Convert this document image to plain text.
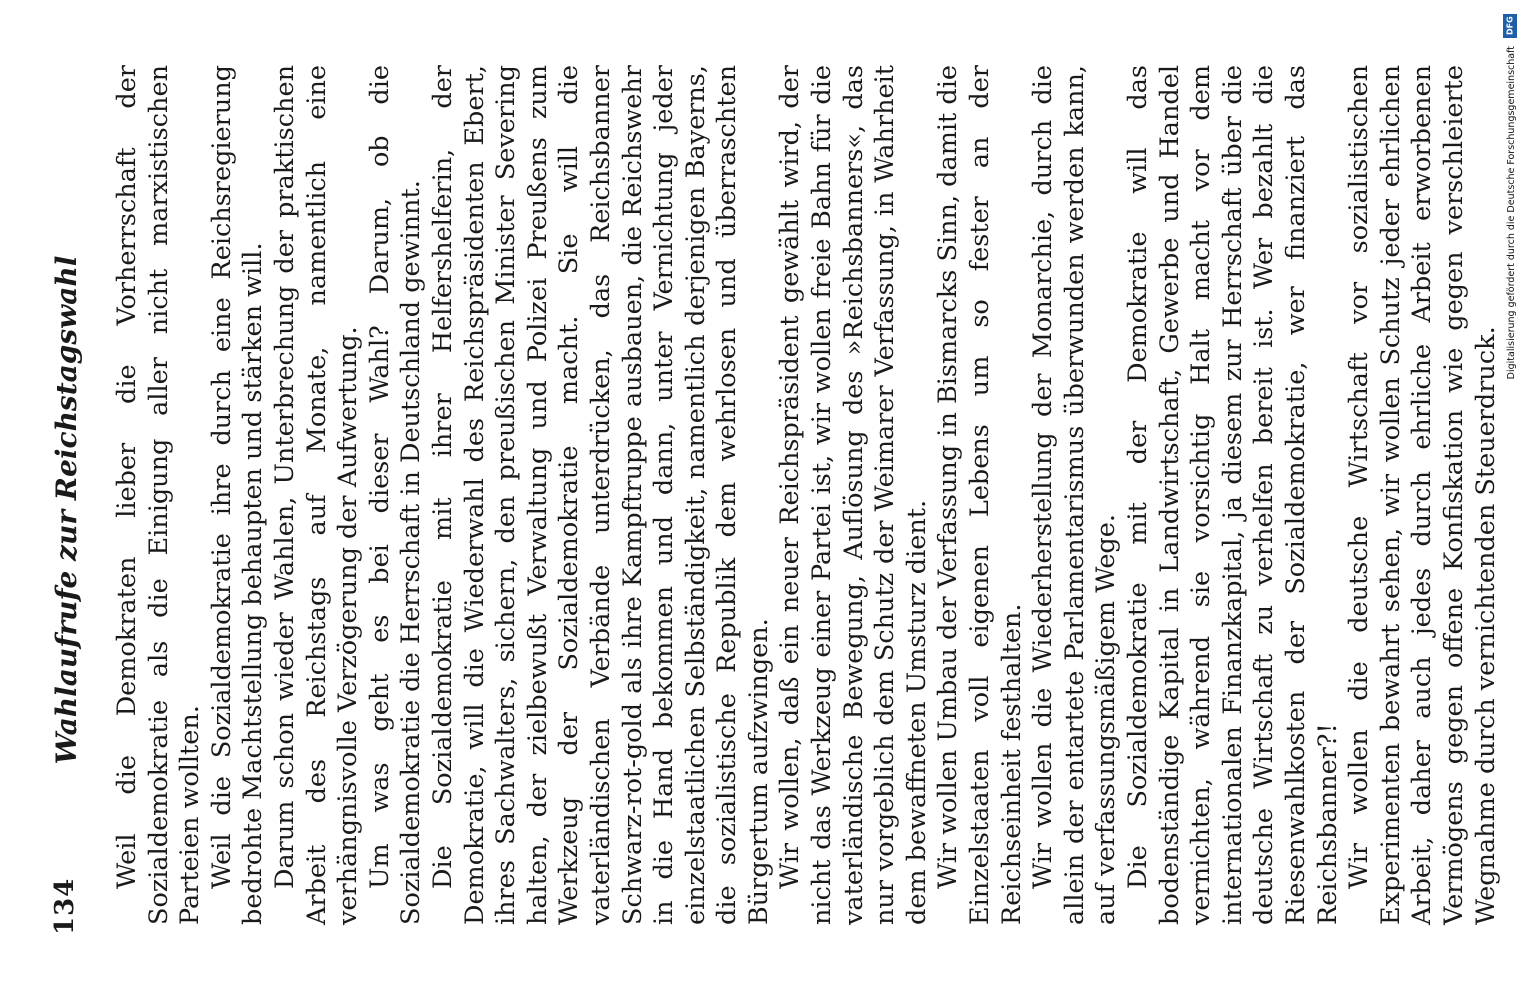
134
Wahlaufrufe zur Reichstagswahl Weil die Demokraten lieber die Vorherrschaft der Sozialdemokratie als die Einigung aller nicht marxistischen Parteien wollten. Weil die Sozialdemokratie ihre durch eine Reichsregierung bedrohte Machtstellung behaupten und stärken will. Darum schon wieder Wahlen, Unterbrechung der praktischen Arbeit des Reichstags auf Monate, namentlich eine verhängnisvolle Verzögerung der Aufwertung. Um was geht es bei dieser Wahl? Darum, ob die Sozialdemokratie die Herrschaft in Deutschland gewinnt. Die Sozialdemokratie mit ihrer Helfershelferin, der Demokratie, will die Wiederwahl des Reichspräsidenten Ebert, ihres Sachwalters, sichern, den preußischen Minister Severing halten, der zielbewußt Verwaltung und Polizei Preußens zum Werkzeug der Sozialdemokratie macht. Sie will die vaterländischen Verbände unterdrücken, das Reichsbanner Schwarz-rot-gold als ihre Kampftruppe ausbauen, die Reichswehr in die Hand bekommen und dann, unter Vernichtung jeder einzelstaatlichen Selbständigkeit, namentlich derjenigen Bayerns, die sozialistische Republik dem wehrlosen und überraschten Bürgertum aufzwingen. Wir wollen, daß ein neuer Reichspräsident gewählt wird, der nicht das Werkzeug einer Partei ist, wir wollen freie Bahn für die vaterländische Bewegung, Auflösung des »Reichsbanners«, das nur vorgeblich dem Schutz der Weimarer Verfassung, in Wahrheit dem bewaffneten Umsturz dient. Wir wollen Umbau der Verfassung in Bismarcks Sinn, damit die Einzelstaaten voll eigenen Lebens um so fester an der Reichseinheit festhalten. Wir wollen die Wiederherstellung der Monarchie, durch die allein der entartete Parlamentarismus überwunden werden kann, auf verfassungsmäßigem Wege. Die Sozialdemokratie mit der Demokratie will das bodenständige Kapital in Landwirtschaft, Gewerbe und Handel vernichten, während sie vorsichtig Halt macht vor dem internationalen Finanzkapital, ja diesem zur Herrschaft über die deutsche Wirtschaft zu verhelfen bereit ist. Wer bezahlt die Riesenwahlkosten der Sozialdemokratie, wer finanziert das Reichsbanner?! Wir wollen die deutsche Wirtschaft vor sozialistischen Experimenten bewahrt sehen, wir wollen Schutz jeder ehrlichen Arbeit, daher auch jedes durch ehrliche Arbeit erworbenen Vermögens gegen offene Konfiskation wie gegen verschleierte Wegnahme durch vernichtenden Steuerdruck.

DFG
Digitalisierung gefördert durch die Deutsche Forschungsgemeinschaft
